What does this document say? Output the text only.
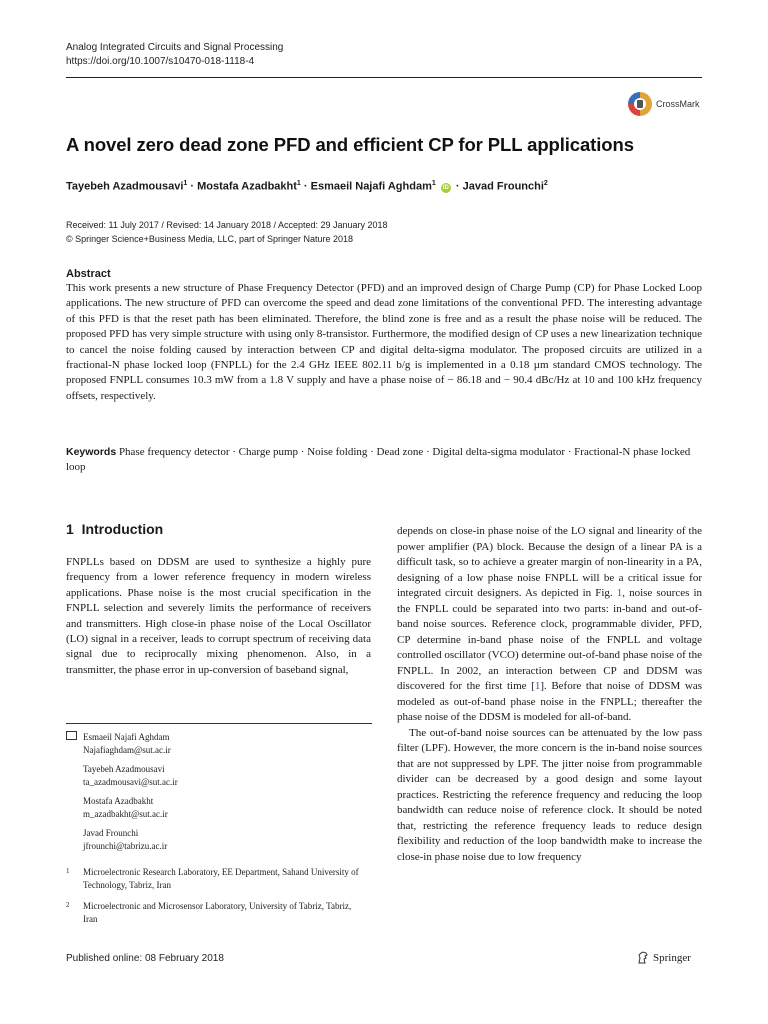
Analog Integrated Circuits and Signal Processing
https://doi.org/10.1007/s10470-018-1118-4
CrossMark
A novel zero dead zone PFD and efficient CP for PLL applications
Tayebeh Azadmousavi$^1$ · Mostafa Azadbakht$^1$ · Esmaeil Najafi Aghdam$^1$ iD · Javad Frounchi$^2$
Received: 11 July 2017 / Revised: 14 January 2018 / Accepted: 29 January 2018
© Springer Science+Business Media, LLC, part of Springer Nature 2018
Abstract
This work presents a new structure of Phase Frequency Detector (PFD) and an improved design of Charge Pump (CP) for Phase Locked Loop applications. The new structure of PFD can overcome the speed and dead zone limitations of the conventional PFD. The interesting advantage of this PFD is that the reset path has been eliminated. Therefore, the blind zone is free and as a result the phase noise will be reduced. The proposed PFD has very simple structure with using only 8-transistor. Furthermore, the modified design of CP uses a new linearization technique to cancel the noise folding caused by interaction between CP and digital delta-sigma modulator. The proposed circuits are utilized in a fractional-N phase locked loop (FNPLL) for the 2.4 GHz IEEE 802.11 b/g is implemented in a 0.18 µm standard CMOS technology. The proposed FNPLL consumes 10.3 mW from a 1.8 V supply and have a phase noise of − 86.18 and − 90.4 dBc/Hz at 10 and 100 kHz frequency offsets, respectively.
Keywords Phase frequency detector · Charge pump · Noise folding · Dead zone · Digital delta-sigma modulator · Fractional-N phase locked loop
1 Introduction
FNPLLs based on DDSM are used to synthesize a highly pure frequency from a lower reference frequency in modern wireless applications. Phase noise is the most crucial specification in the FNPLL selection and severely limits the performance of receivers and transmitters. High close-in phase noise of the Local Oscillator (LO) signal in a receiver, leads to corrupt spectrum of receiving data signal due to reciprocally mixing phenomenon. Also, in a transmitter, the phase error in up-conversion of baseband signal,
Esmaeil Najafi Aghdam
Najafiaghdam@sut.ac.ir
Tayebeh Azadmousavi
ta_azadmousavi@sut.ac.ir
Mostafa Azadbakht
m_azadbakht@sut.ac.ir
Javad Frounchi
jfrounchi@tabrizu.ac.ir
1 Microelectronic Research Laboratory, EE Department, Sahand University of Technology, Tabriz, Iran
2 Microelectronic and Microsensor Laboratory, University of Tabriz, Tabriz, Iran

depends on close-in phase noise of the LO signal and linearity of the power amplifier (PA) block. Because the design of a linear PA is a difficult task, so to achieve a greater margin of non-linearity in a PA, designing of a low phase noise FNPLL will be a critical issue for integrated circuit designers. As depicted in Fig. 1, noise sources in the FNPLL could be separated into two parts: in-band and out-of-band noise sources. Reference clock, programmable divider, PFD, CP determine in-band phase noise of the FNPLL and voltage controlled oscillator (VCO) determine out-of-band phase noise of the FNPLL. In 2002, an interaction between CP and DDSM was discovered for the first time [1]. Before that noise of DDSM was modeled as out-of-band phase noise in the FNPLL; thereafter the phase noise of the DDSM is modeled for all-of-band.

The out-of-band noise sources can be attenuated by the low pass filter (LPF). However, the more concern is the in-band noise sources that are not suppressed by LPF. The jitter noise from programmable divider can be decreased by a good design and some layout practices. Restricting the reference frequency and reducing the loop bandwidth can reduce noise of reference clock. It should be noted that, restricting the reference frequency leads to reduce design flexibility and reduction of the loop bandwidth make to increase the close-in phase noise due to low frequency

Published online: 08 February 2018	Springer
